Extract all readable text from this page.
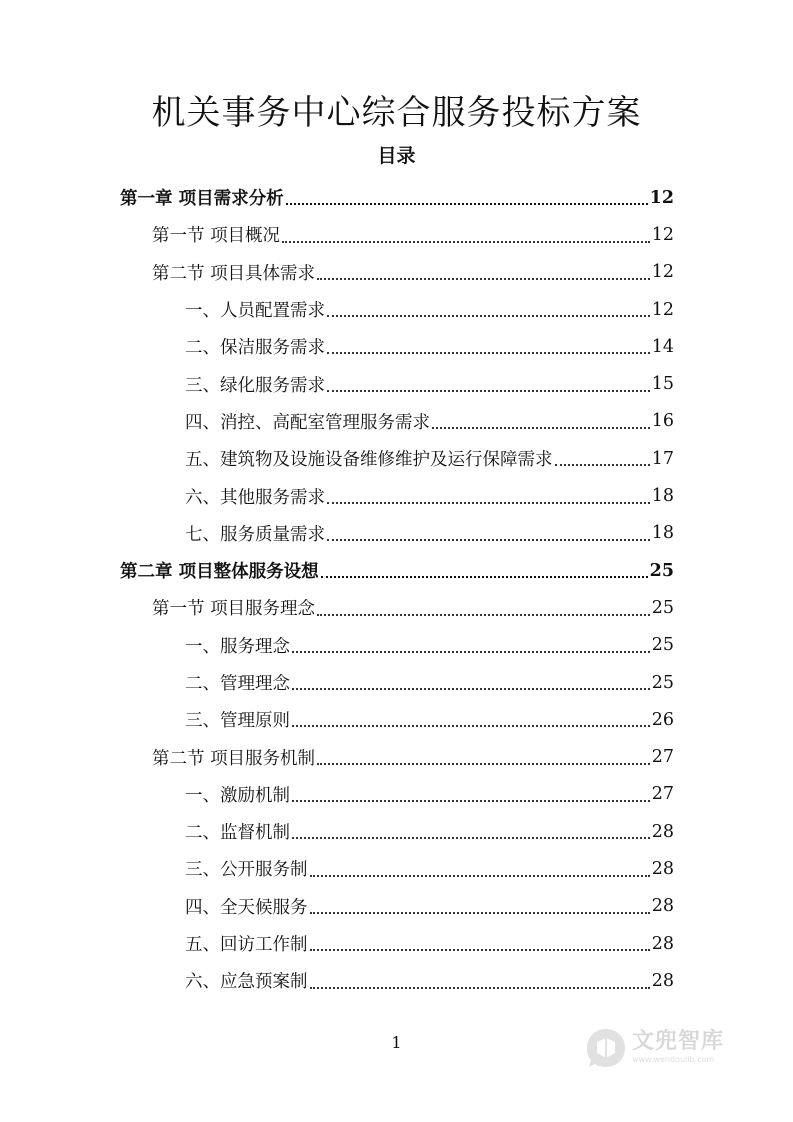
机关事务中心综合服务投标方案
目录
第一章 项目需求分析	12
第一节 项目概况	12
第二节 项目具体需求	12
一、人员配置需求	12
二、保洁服务需求	14
三、绿化服务需求	15
四、消控、高配室管理服务需求	16
五、建筑物及设施设备维修维护及运行保障需求	17
六、其他服务需求	18
七、服务质量需求	18
第二章 项目整体服务设想	25
第一节 项目服务理念	25
一、服务理念	25
二、管理理念	25
三、管理原则	26
第二节 项目服务机制	27
一、激励机制	27
二、监督机制	28
三、公开服务制	28
四、全天候服务	28
五、回访工作制	28
六、应急预案制	28
1	文兜智库
www.wendoulib.com
